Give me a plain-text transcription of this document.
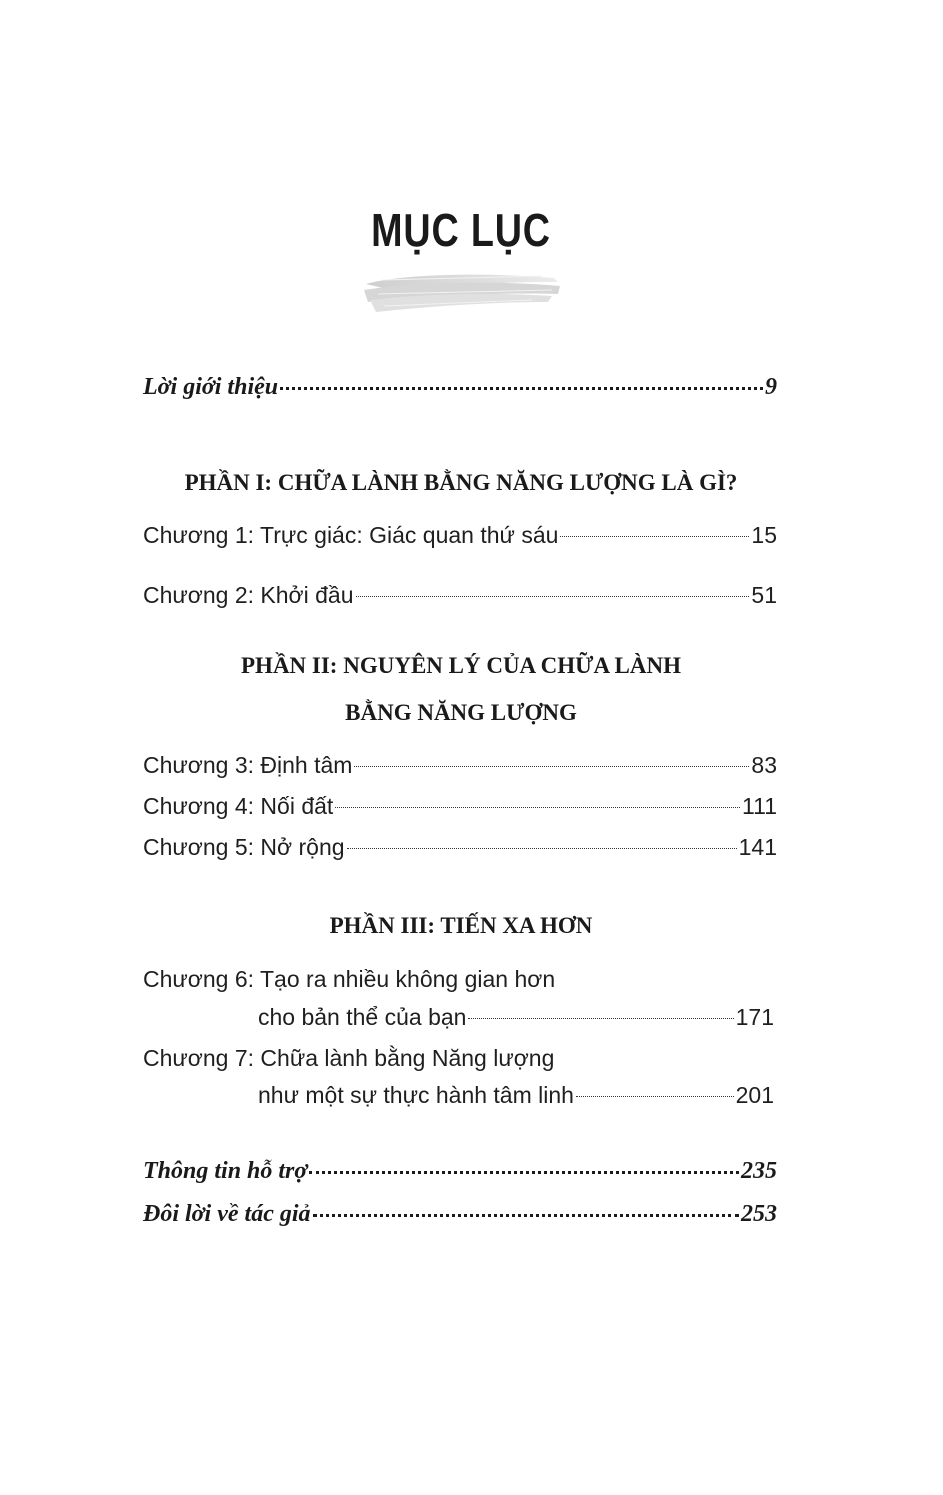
MỤC LỤC
Lời giới thiệu	9
PHẦN I: CHỮA LÀNH BẰNG NĂNG LƯỢNG LÀ GÌ?
Chương 1: Trực giác: Giác quan thứ sáu	15
Chương 2: Khởi đầu	51
PHẦN II: NGUYÊN LÝ CỦA CHỮA LÀNH
BẰNG NĂNG LƯỢNG
Chương 3: Định tâm	83
Chương 4: Nối đất	111
Chương 5: Nở rộng	141
PHẦN III: TIẾN XA HƠN
Chương 6: Tạo ra nhiều không gian hơn
cho bản thể của bạn	171
Chương 7: Chữa lành bằng Năng lượng
như một sự thực hành tâm linh	201
Thông tin hỗ trợ	235
Đôi lời về tác giả	253
